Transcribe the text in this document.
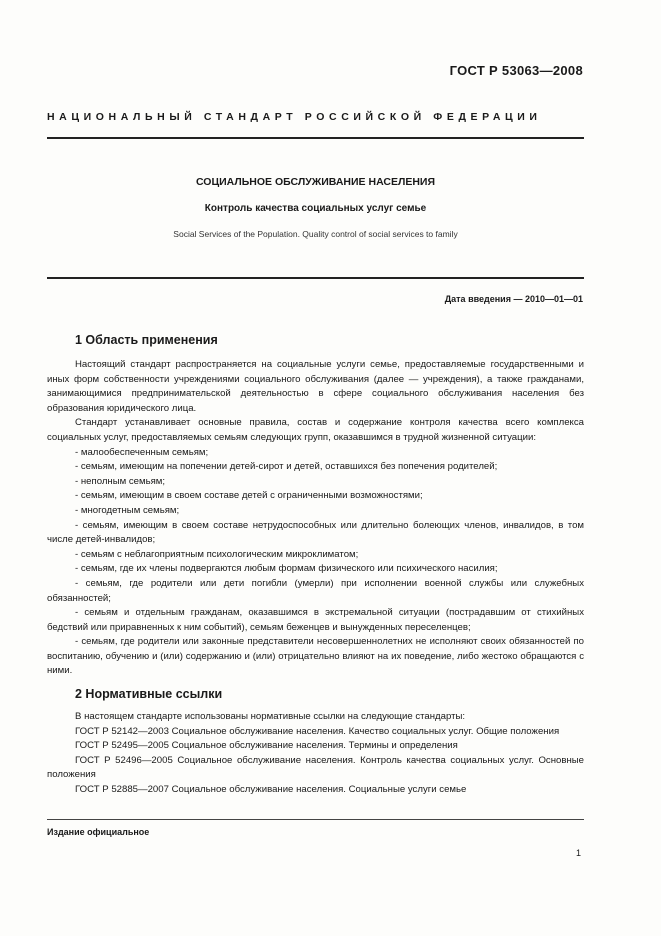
ГОСТ Р 53063—2008
НАЦИОНАЛЬНЫЙ СТАНДАРТ РОССИЙСКОЙ ФЕДЕРАЦИИ
СОЦИАЛЬНОЕ ОБСЛУЖИВАНИЕ НАСЕЛЕНИЯ
Контроль качества социальных услуг семье
Social Services of the Population. Quality control of social services to family
Дата введения — 2010—01—01
1 Область применения

Настоящий стандарт распространяется на социальные услуги семье, предоставляемые государственными и иных форм собственности учреждениями социального обслуживания (далее — учреждения), а также гражданами, занимающимися предпринимательской деятельностью в сфере социального обслуживания населения без образования юридического лица.

Стандарт устанавливает основные правила, состав и содержание контроля качества всего комплекса социальных услуг, предоставляемых семьям следующих групп, оказавшимся в трудной жизненной ситуации:

- малообеспеченным семьям;

- семьям, имеющим на попечении детей-сирот и детей, оставшихся без попечения родителей;

- неполным семьям;

- семьям, имеющим в своем составе детей с ограниченными возможностями;

- многодетным семьям;

- семьям, имеющим в своем составе нетрудоспособных или длительно болеющих членов, инвалидов, в том числе детей-инвалидов;

- семьям с неблагоприятным психологическим микроклиматом;

- семьям, где их члены подвергаются любым формам физического или психического насилия;

- семьям, где родители или дети погибли (умерли) при исполнении военной службы или служебных обязанностей;

- семьям и отдельным гражданам, оказавшимся в экстремальной ситуации (пострадавшим от стихийных бедствий или приравненных к ним событий), семьям беженцев и вынужденных переселенцев;

- семьям, где родители или законные представители несовершеннолетних не исполняют своих обязанностей по воспитанию, обучению и (или) содержанию и (или) отрицательно влияют на их поведение, либо жестоко обращаются с ними.

2 Нормативные ссылки

В настоящем стандарте использованы нормативные ссылки на следующие стандарты:

ГОСТ Р 52142—2003 Социальное обслуживание населения. Качество социальных услуг. Общие положения

ГОСТ Р 52495—2005 Социальное обслуживание населения. Термины и определения

ГОСТ Р 52496—2005 Социальное обслуживание населения. Контроль качества социальных услуг. Основные положения

ГОСТ Р 52885—2007 Социальное обслуживание населения. Социальные услуги семье

Издание официальное
1
